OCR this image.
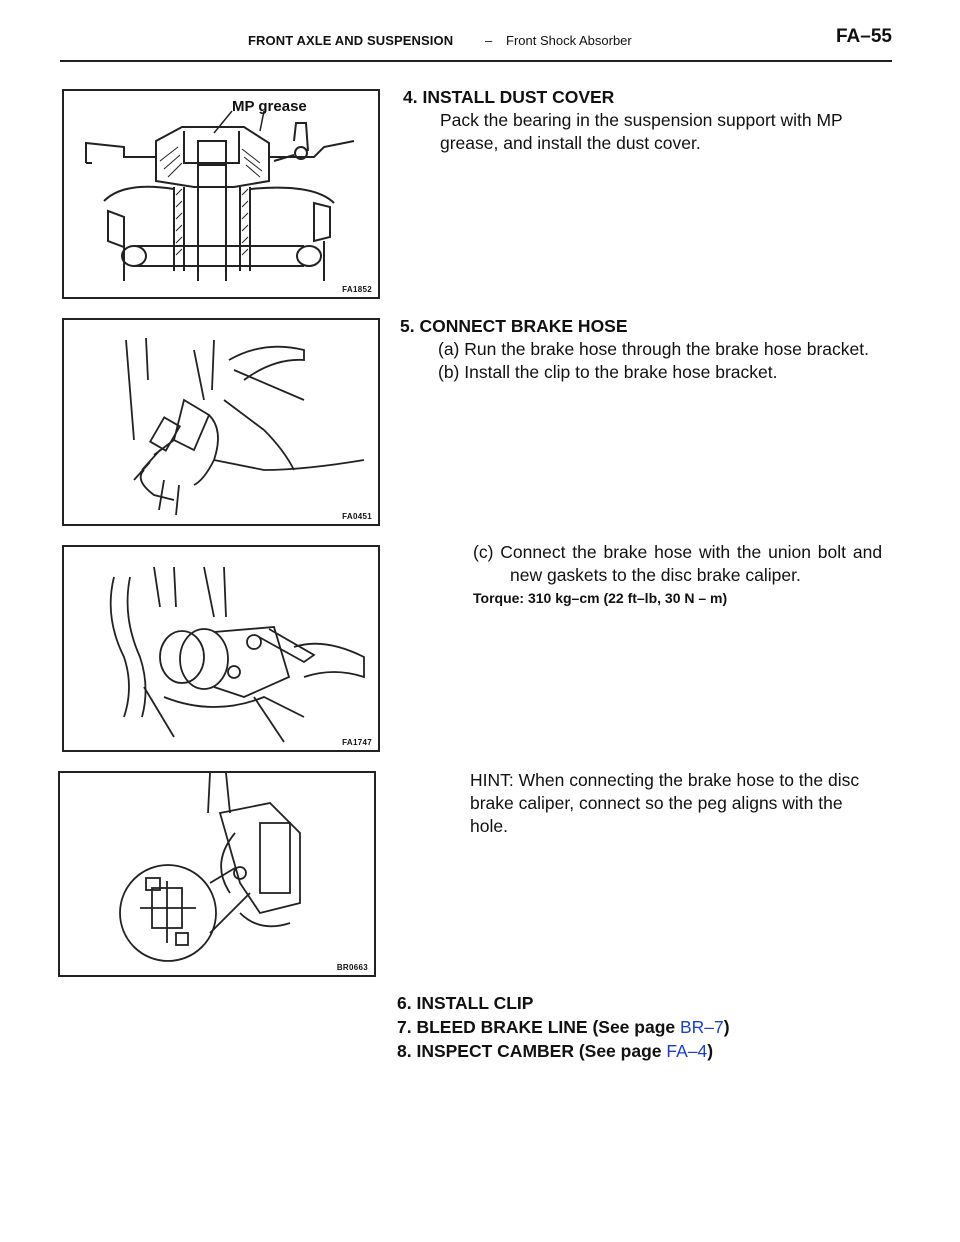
FRONT AXLE AND SUSPENSION – Front Shock Absorber	FA–55
MP grease
FA1852
FA0451
FA1747
BR0663
4. INSTALL DUST COVER
Pack the bearing in the suspension support with MP
grease, and install the dust cover.
5. CONNECT BRAKE HOSE
(a) Run the brake hose through the brake hose bracket.
(b) Install the clip to the brake hose bracket.
(c) Connect the brake hose with the union bolt and
new gaskets to the disc brake caliper.
Torque: 310 kg–cm (22 ft–lb, 30 N – m)
HINT: When connecting the brake hose to the disc
brake caliper, connect so the peg aligns with the
hole.
6. INSTALL CLIP
7. BLEED BRAKE LINE (See page BR–7)
8. INSPECT CAMBER (See page FA–4)
